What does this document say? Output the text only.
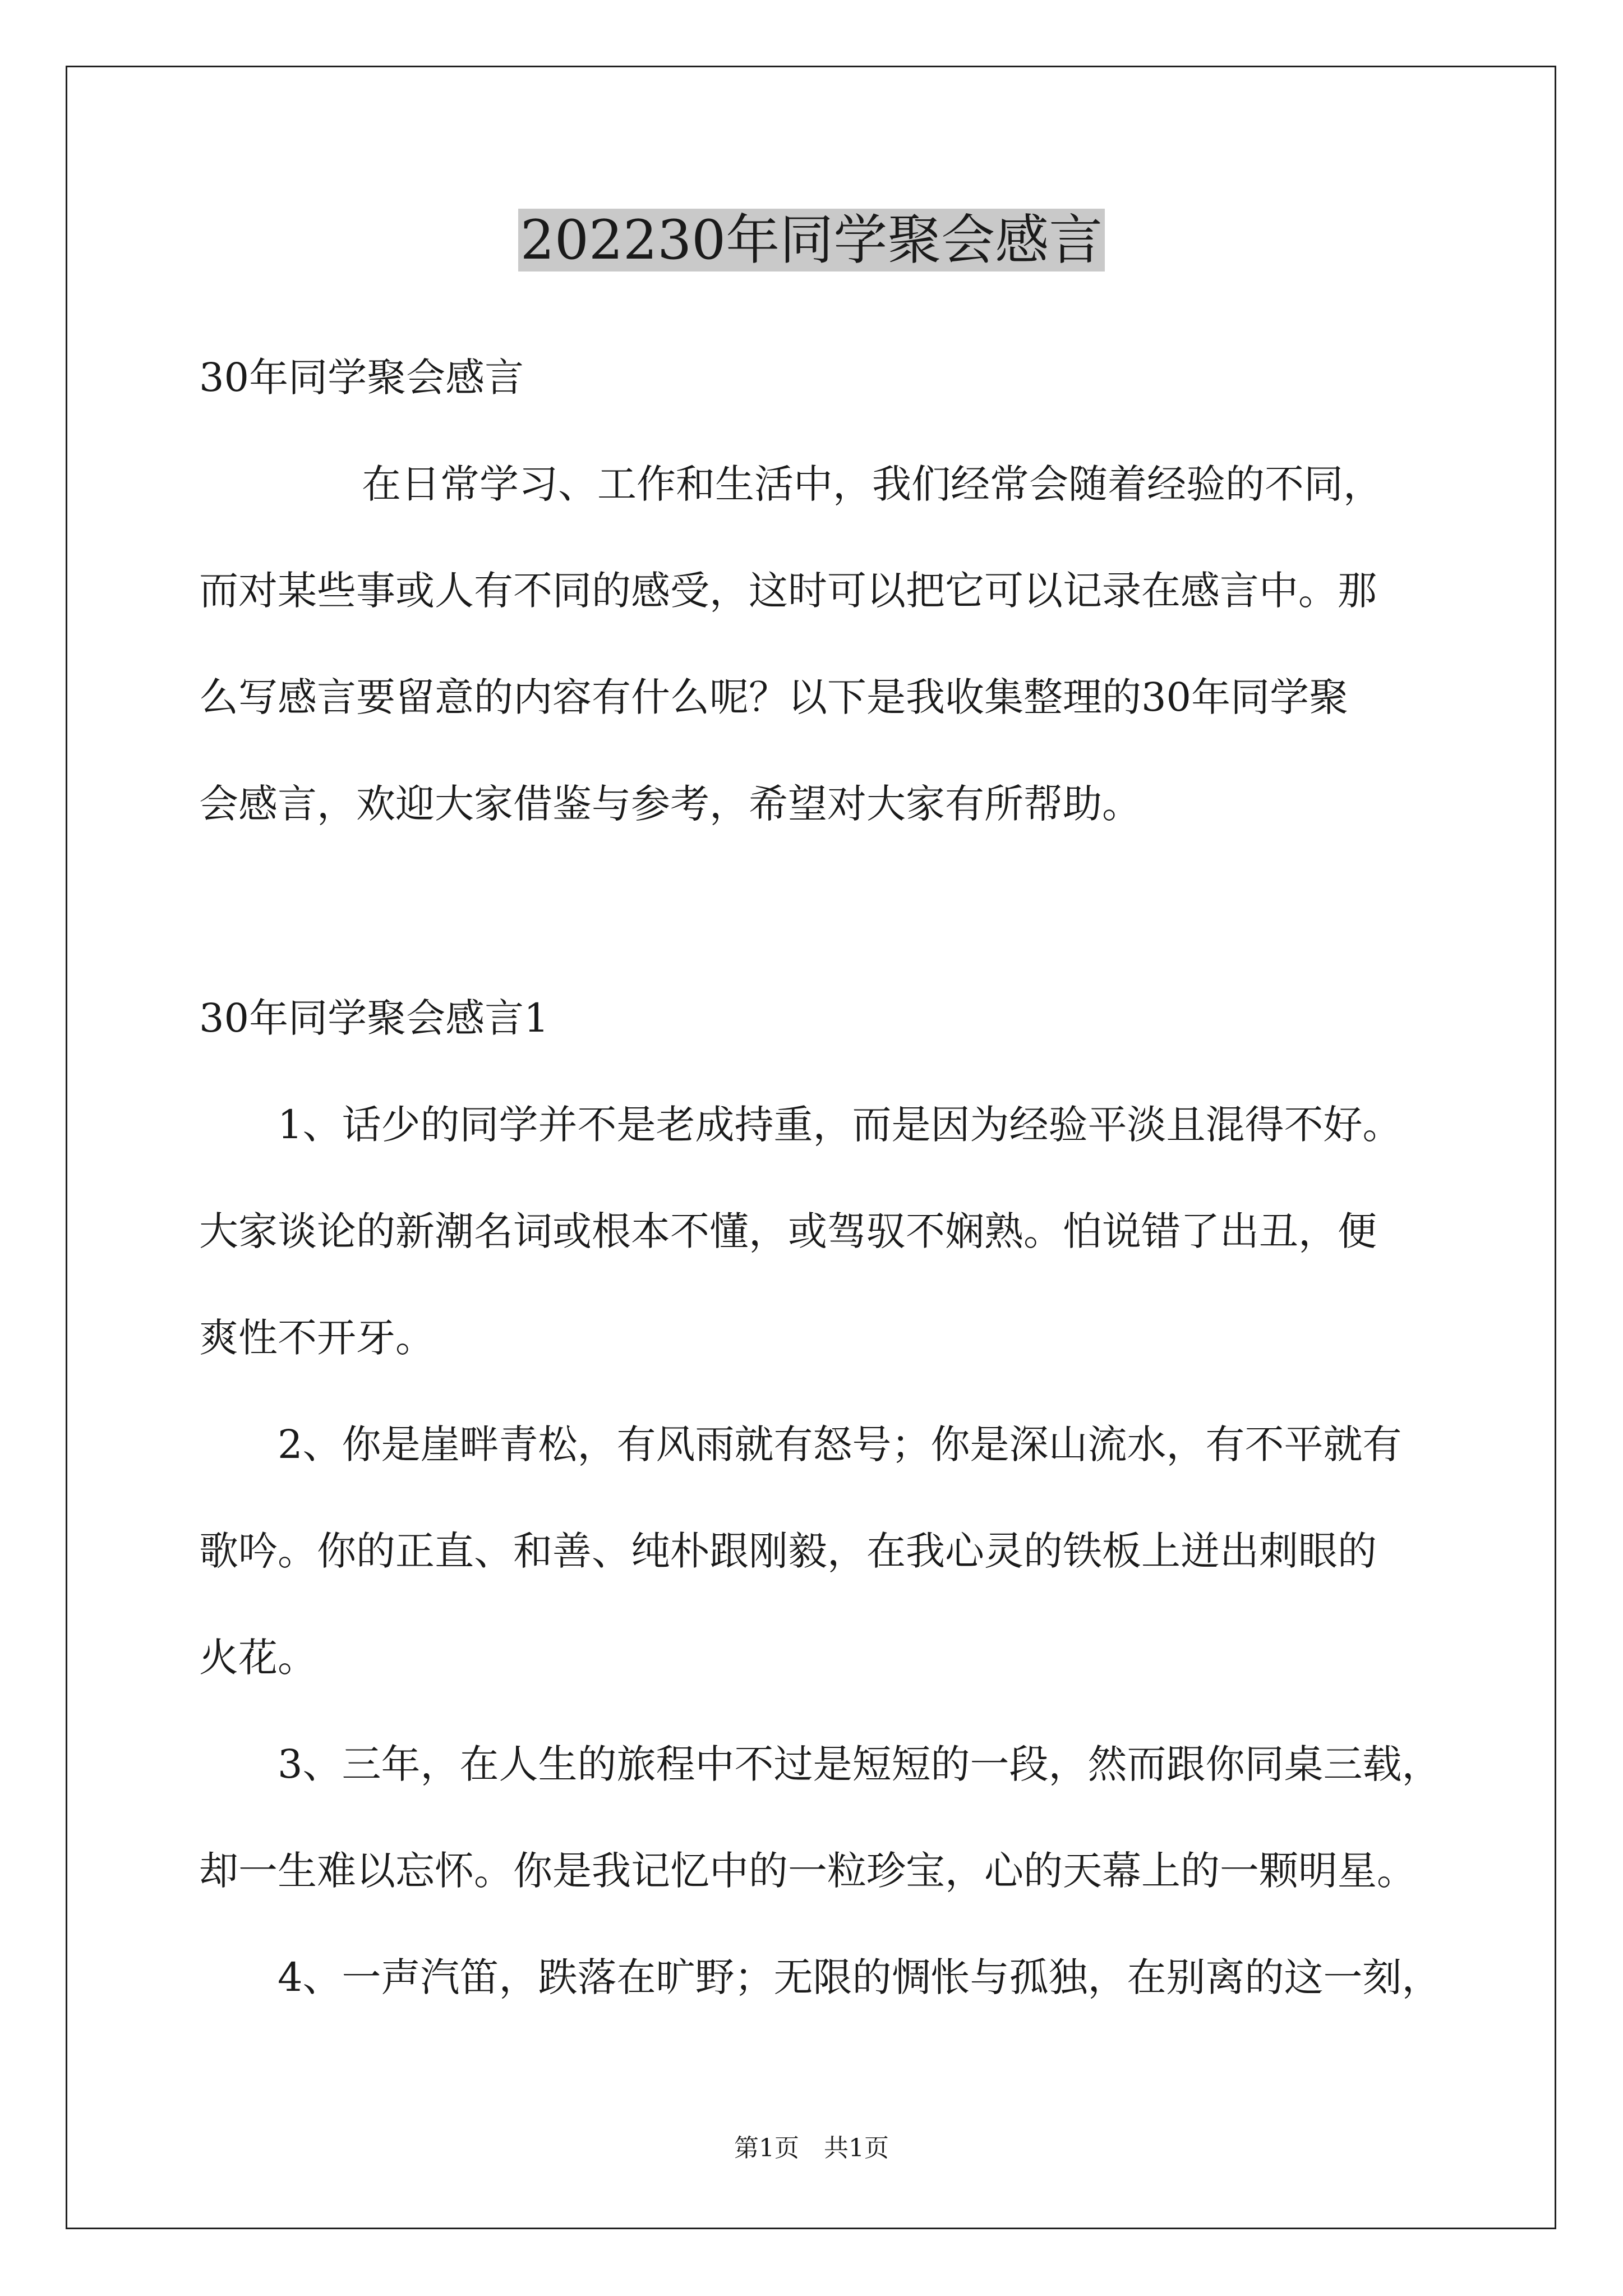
202230年同学聚会感言
30年同学聚会感言
在日常学习、工作和生活中，我们经常会随着经验的不同，
而对某些事或人有不同的感受，这时可以把它可以记录在感言中。那
么写感言要留意的内容有什么呢？以下是我收集整理的30年同学聚
会感言，欢迎大家借鉴与参考，希望对大家有所帮助。
30年同学聚会感言1
1、话少的同学并不是老成持重，而是因为经验平淡且混得不好。
大家谈论的新潮名词或根本不懂，或驾驭不娴熟。怕说错了出丑，便
爽性不开牙。
2、你是崖畔青松，有风雨就有怒号；你是深山流水，有不平就有
歌吟。你的正直、和善、纯朴跟刚毅，在我心灵的铁板上迸出刺眼的
火花。
3、三年，在人生的旅程中不过是短短的一段，然而跟你同桌三载，
却一生难以忘怀。你是我记忆中的一粒珍宝，心的天幕上的一颗明星。
4、一声汽笛，跌落在旷野；无限的惆怅与孤独，在别离的这一刻，
第1页　共1页
